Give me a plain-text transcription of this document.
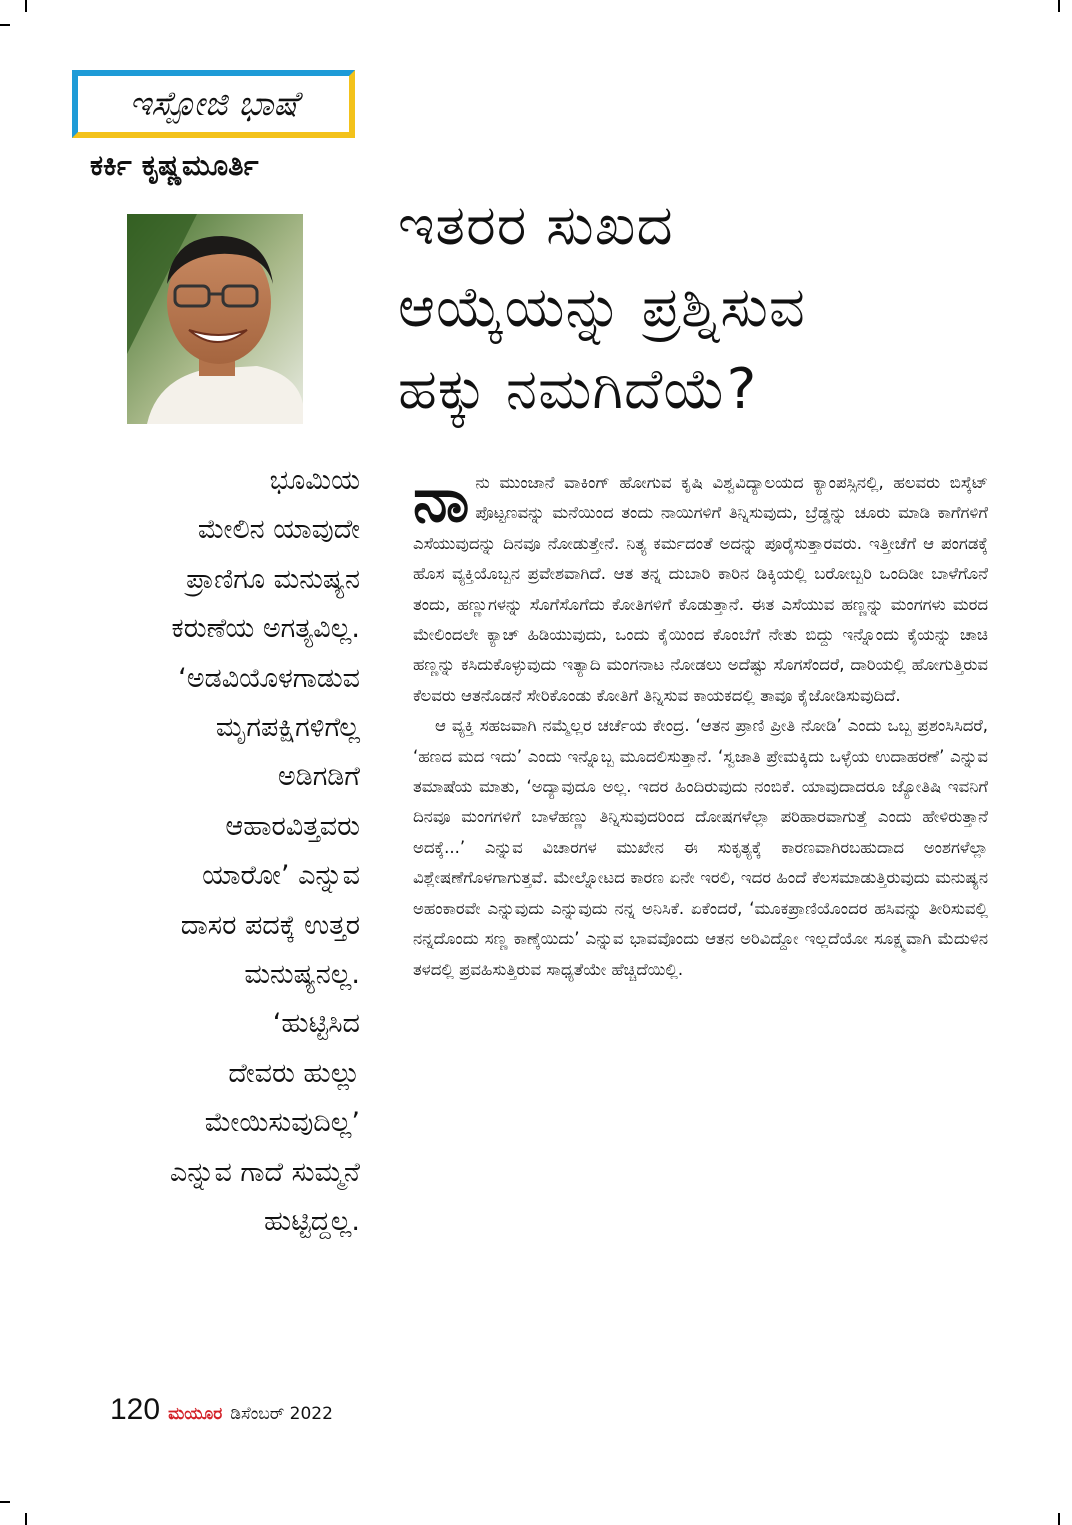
ಇಸ್ಪೋಜಿ ಭಾಷೆ
ಕರ್ಕಿ ಕೃಷ್ಣಮೂರ್ತಿ
ಇತರರ ಸುಖದ
ಆಯ್ಕೆಯನ್ನು ಪ್ರಶ್ನಿಸುವ
ಹಕ್ಕು ನಮಗಿದೆಯೆ?
ಭೂಮಿಯ
ಮೇಲಿನ ಯಾವುದೇ
ಪ್ರಾಣಿಗೂ ಮನುಷ್ಯನ
ಕರುಣೆಯ ಅಗತ್ಯವಿಲ್ಲ.
‘ಅಡವಿಯೊಳಗಾಡುವ
ಮೃಗಪಕ್ಷಿಗಳಿಗೆಲ್ಲ
ಅಡಿಗಡಿಗೆ
ಆಹಾರವಿತ್ತವರು
ಯಾರೋ’ ಎನ್ನುವ
ದಾಸರ ಪದಕ್ಕೆ ಉತ್ತರ
ಮನುಷ್ಯನಲ್ಲ.
‘ಹುಟ್ಟಿಸಿದ
ದೇವರು ಹುಲ್ಲು
ಮೇಯಿಸುವುದಿಲ್ಲ’
ಎನ್ನುವ ಗಾದೆ ಸುಮ್ಮನೆ
ಹುಟ್ಟಿದ್ದಲ್ಲ.

ನಾನು ಮುಂಜಾನೆ ವಾಕಿಂಗ್ ಹೋಗುವ ಕೃಷಿ ವಿಶ್ವವಿದ್ಯಾಲಯದ ಕ್ಯಾಂಪಸ್ಸಿನಲ್ಲಿ, ಹಲವರು ಬಿಸ್ಕೆಟ್ ಪೊಟ್ಟಣವನ್ನು ಮನೆಯಿಂದ ತಂದು ನಾಯಿಗಳಿಗೆ ತಿನ್ನಿಸುವುದು, ಬ್ರೆಡ್ಡನ್ನು ಚೂರು ಮಾಡಿ ಕಾಗೆಗಳಿಗೆ ಎಸೆಯುವುದನ್ನು ದಿನವೂ ನೋಡುತ್ತೇನೆ. ನಿತ್ಯ ಕರ್ಮದಂತೆ ಅದನ್ನು ಪೂರೈಸುತ್ತಾರವರು. ಇತ್ತೀಚೆಗೆ ಆ ಪಂಗಡಕ್ಕೆ ಹೊಸ ವ್ಯಕ್ತಿಯೊಬ್ಬನ ಪ್ರವೇಶವಾಗಿದೆ. ಆತ ತನ್ನ ದುಬಾರಿ ಕಾರಿನ ಡಿಕ್ಕಿಯಲ್ಲಿ ಬರೋಬ್ಬರಿ ಒಂದಿಡೀ ಬಾಳೆಗೊನೆ ತಂದು, ಹಣ್ಣುಗಳನ್ನು ಸೊಗೆಸೊಗೆದು ಕೋತಿಗಳಿಗೆ ಕೊಡುತ್ತಾನೆ. ಈತ ಎಸೆಯುವ ಹಣ್ಣನ್ನು ಮಂಗಗಳು ಮರದ ಮೇಲಿಂದಲೇ ಕ್ಯಾಚ್ ಹಿಡಿಯುವುದು, ಒಂದು ಕೈಯಿಂದ ಕೊಂಬೆಗೆ ನೇತು ಬಿದ್ದು ಇನ್ನೊಂದು ಕೈಯನ್ನು ಚಾಚಿ ಹಣ್ಣನ್ನು ಕಸಿದುಕೊಳ್ಳುವುದು ಇತ್ಯಾದಿ ಮಂಗನಾಟ ನೋಡಲು ಅದೆಷ್ಟು ಸೊಗಸೆಂದರೆ, ದಾರಿಯಲ್ಲಿ ಹೋಗುತ್ತಿರುವ ಕೆಲವರು ಆತನೊಡನೆ ಸೇರಿಕೊಂಡು ಕೋತಿಗೆ ತಿನ್ನಿಸುವ ಕಾಯಕದಲ್ಲಿ ತಾವೂ ಕೈಜೋಡಿಸುವುದಿದೆ.

ಆ ವ್ಯಕ್ತಿ ಸಹಜವಾಗಿ ನಮ್ಮೆಲ್ಲರ ಚರ್ಚೆಯ ಕೇಂದ್ರ. ‘ಆತನ ಪ್ರಾಣಿ ಪ್ರೀತಿ ನೋಡಿ’ ಎಂದು ಒಬ್ಬ ಪ್ರಶಂಸಿಸಿದರೆ, ‘ಹಣದ ಮದ ಇದು’ ಎಂದು ಇನ್ನೊಬ್ಬ ಮೂದಲಿಸುತ್ತಾನೆ. ‘ಸ್ವಜಾತಿ ಪ್ರೇಮಕ್ಕಿದು ಒಳ್ಳೆಯ ಉದಾಹರಣೆ’ ಎನ್ನುವ ತಮಾಷೆಯ ಮಾತು, ‘ಅದ್ಯಾವುದೂ ಅಲ್ಲ. ಇದರ ಹಿಂದಿರುವುದು ನಂಬಿಕೆ. ಯಾವುದಾದರೂ ಜ್ಯೋತಿಷಿ ಇವನಿಗೆ ದಿನವೂ ಮಂಗಗಳಿಗೆ ಬಾಳೆಹಣ್ಣು ತಿನ್ನಿಸುವುದರಿಂದ ದೋಷಗಳೆಲ್ಲಾ ಪರಿಹಾರವಾಗುತ್ತೆ ಎಂದು ಹೇಳಿರುತ್ತಾನೆ ಅದಕ್ಕೆ...’ ಎನ್ನುವ ವಿಚಾರಗಳ ಮುಖೇನ ಈ ಸುಕೃತ್ಯಕ್ಕೆ ಕಾರಣವಾಗಿರಬಹುದಾದ ಅಂಶಗಳೆಲ್ಲಾ ವಿಶ್ಲೇಷಣೆಗೊಳಗಾಗುತ್ತವೆ. ಮೇಲ್ನೋಟದ ಕಾರಣ ಏನೇ ಇರಲಿ, ಇದರ ಹಿಂದೆ ಕೆಲಸಮಾಡುತ್ತಿರುವುದು ಮನುಷ್ಯನ ಅಹಂಕಾರವೇ ಎನ್ನುವುದು ಎನ್ನುವುದು ನನ್ನ ಅನಿಸಿಕೆ. ಏಕೆಂದರೆ, ‘ಮೂಕಪ್ರಾಣಿಯೊಂದರ ಹಸಿವನ್ನು ತೀರಿಸುವಲ್ಲಿ ನನ್ನದೊಂದು ಸಣ್ಣ ಕಾಣ್ಕೆಯಿದು’ ಎನ್ನುವ ಭಾವವೊಂದು ಆತನ ಅರಿವಿದ್ದೋ ಇಲ್ಲದೆಯೋ ಸೂಕ್ಷ್ಮವಾಗಿ ಮೆದುಳಿನ ತಳದಲ್ಲಿ ಪ್ರವಹಿಸುತ್ತಿರುವ ಸಾಧ್ಯತೆಯೇ ಹೆಚ್ಚಿದೆಯಿಲ್ಲಿ.

120 ಮಯೂರ ಡಿಸೆಂಬರ್ 2022
